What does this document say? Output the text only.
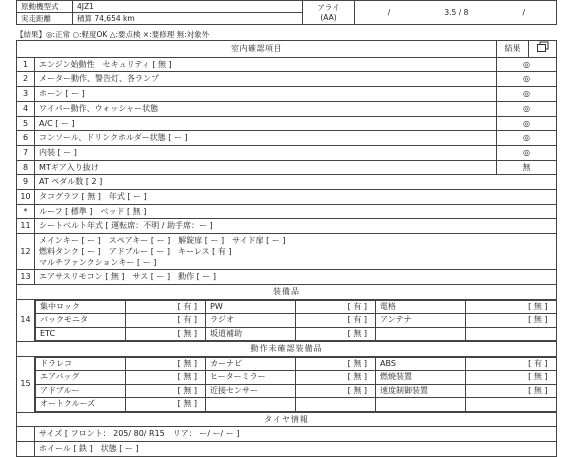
原動機型式	4JZ1	アライ
(AA)	/ 3.5 / 8 /
実走距離	積算 74,654 km		
【結果】◎:正常 ○:軽度OK △:要点検 ×:要修理 無:対象外
室内確認項目	結果	
1	エンジン始動性　セキュリティ [ 無 ]	◎
2	メーター動作、警告灯、各ランプ	◎
3	ホーン [ ー ]	◎
4	ワイパー動作、ウォッシャー状態	◎
5	A/C [ ー ]	◎
6	コンソール、ドリンクホルダー状態 [ ー ]	◎
7	内装 [ ー ]	◎
8	MTギア入り抜け	無
9	AT ペダル数 [ 2 ]
10	タコグラフ [ 無 ]　年式 [ ー ]
*	ルーフ [ 標準 ]　ベッド [ 無 ]
11	シートベルト年式 [ 運転席：不明 / 助手席：ー ]
12	
メインキー [ ー ]　スペアキー [ ー ]　解錠扉 [ ー ]　サイド扉 [ ー ]
燃料タンク [ ー ]　アドブルー [ ー ]　キーレス [ 有 ]
マルチファンクションキー [ ー ]

13	エアサスリモコン [ 無 ]　サス [ ー ]　動作 [ ー ]
装備品
14	
集中ロック	[ 有 ]	PW	[ 有 ]	電格	[ 無 ]
バックモニタ	[ 有 ]	ラジオ	[ 有 ]	アンテナ	[ 無 ]
ETC	[ 無 ]	坂道補助	[ 無 ]		

動作未確認装備品
15	
ドラレコ	[ 無 ]	カーナビ	[ 無 ]	ABS	[ 有 ]
エアバッグ	[ 無 ]	ヒーターミラー	[ 無 ]	燃焼装置	[ 無 ]
アドブルー	[ 無 ]	近接センサー	[ 無 ]	速度制御装置	[ 無 ]
オートクルーズ	[ 無 ]				

タイヤ情報
	サイズ [ フロント： 205/ 80/ R15　リア： ー/ ー/ ー ]
	ホイール [ 鉄 ]　状態 [ ー ]
